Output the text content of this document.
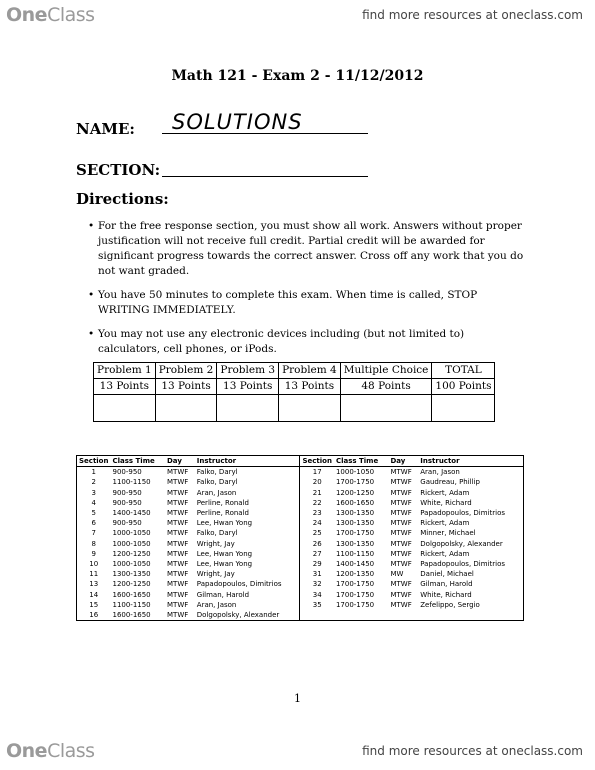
OneClass	find more resources at oneclass.com
Math 121 - Exam 2 - 11/12/2012
NAME: SOLUTIONS
SECTION:
Directions:
• For the free response section, you must show all work. Answers without proper justification will not receive full credit. Partial credit will be awarded for significant progress towards the correct answer. Cross off any work that you do not want graded.
• You have 50 minutes to complete this exam. When time is called, STOP WRITING IMMEDIATELY.
• You may not use any electronic devices including (but not limited to) calculators, cell phones, or iPods.
Problem 1	Problem 2	Problem 3	Problem 4	Multiple Choice	TOTAL
13 Points	13 Points	13 Points	13 Points	48 Points	100 Points

Section	Class Time	Day	Instructor	Section	Class Time	Day	Instructor
1	900-950	MTWF	Falko, Daryl	17	1000-1050	MTWF	Aran, Jason
2	1100-1150	MTWF	Falko, Daryl	20	1700-1750	MTWF	Gaudreau, Phillip
3	900-950	MTWF	Aran, Jason	21	1200-1250	MTWF	Rickert, Adam
4	900-950	MTWF	Perline, Ronald	22	1600-1650	MTWF	White, Richard
5	1400-1450	MTWF	Perline, Ronald	23	1300-1350	MTWF	Papadopoulos, Dimitrios
6	900-950	MTWF	Lee, Hwan Yong	24	1300-1350	MTWF	Rickert, Adam
7	1000-1050	MTWF	Falko, Daryl	25	1700-1750	MTWF	Minner, Michael
8	1000-1050	MTWF	Wright, Jay	26	1300-1350	MTWF	Dolgopolsky, Alexander
9	1200-1250	MTWF	Lee, Hwan Yong	27	1100-1150	MTWF	Rickert, Adam
10	1000-1050	MTWF	Lee, Hwan Yong	29	1400-1450	MTWF	Papadopoulos, Dimitrios
11	1300-1350	MTWF	Wright, Jay	31	1200-1350	MW	Daniel, Michael
13	1200-1250	MTWF	Papadopoulos, Dimitrios	32	1700-1750	MTWF	Gilman, Harold
14	1600-1650	MTWF	Gilman, Harold	34	1700-1750	MTWF	White, Richard
15	1100-1150	MTWF	Aran, Jason	35	1700-1750	MTWF	Zefelippo, Sergio
16	1600-1650	MTWF	Dolgopolsky, Alexander				
1
OneClass	find more resources at oneclass.com
